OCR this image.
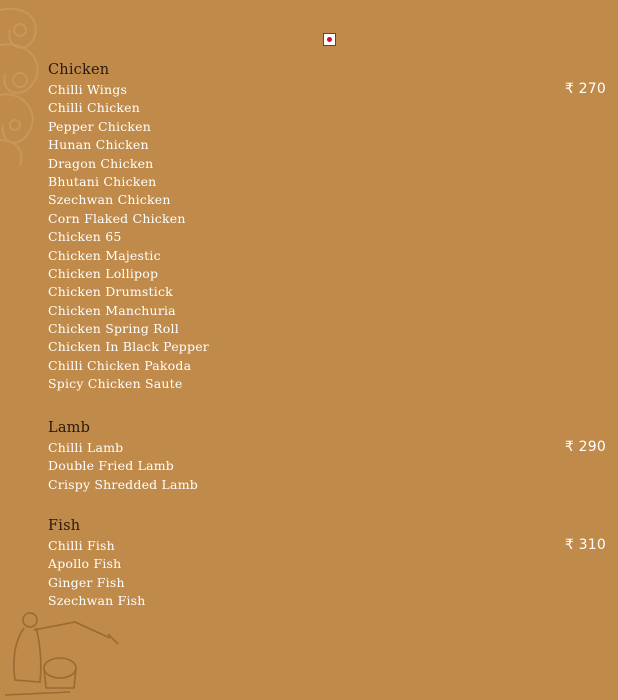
Chicken
Chilli Wings	₹ 270
Chilli Chicken
Pepper Chicken
Hunan Chicken
Dragon Chicken
Bhutani Chicken
Szechwan Chicken
Corn Flaked Chicken
Chicken 65
Chicken Majestic
Chicken Lollipop
Chicken Drumstick
Chicken Manchuria
Chicken Spring Roll
Chicken In Black Pepper
Chilli Chicken Pakoda
Spicy Chicken Saute
Lamb
Chilli Lamb	₹ 290
Double Fried Lamb
Crispy Shredded Lamb
Fish
Chilli Fish	₹ 310
Apollo Fish
Ginger Fish
Szechwan Fish
